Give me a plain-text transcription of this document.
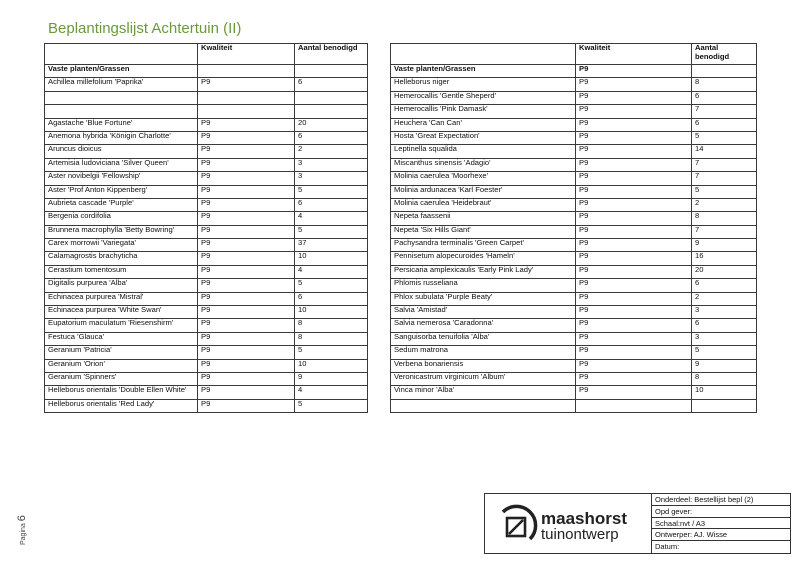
Beplantingslijst Achtertuin (II)
	Kwaliteit	Aantal benodigd
Vaste planten/Grassen		
Achillea millefolium 'Paprika'	P9	6

Agastache 'Blue Fortune'	P9	20
Anemona hybrida 'Königin Charlotte'	P9	6
Aruncus dioicus	P9	2
Artemisia ludoviciana 'Silver Queen'	P9	3
Aster novibelgii 'Fellowship'	P9	3
Aster 'Prof Anton Kippenberg'	P9	5
Aubrieta cascade 'Purple'	P9	6
Bergenia cordifolia	P9	4
Brunnera macrophylla 'Betty Bowring'	P9	5
Carex morrowii 'Variegata'	P9	37
Calamagrostis brachyticha	P9	10
Cerastium tomentosum	P9	4
Digitalis purpurea 'Alba'	P9	5
Echinacea purpurea 'Mistral'	P9	6
Echinacea purpurea 'White Swan'	P9	10
Eupatorium maculatum 'Riesenshirm'	P9	8
Festuca 'Glauca'	P9	8
Geranium 'Patricia'	P9	5
Geranium 'Orion'	P9	10
Geranium 'Spinners'	P9	9
Helleborus orientalis 'Double Ellen White'	P9	4
Helleborus orientalis 'Red Lady'	P9	5
	Kwaliteit	Aantal benodigd
Vaste planten/Grassen	P9	
Helleborus niger	P9	8
Hemerocallis 'Gentle Sheperd'	P9	6
Hemerocallis 'Pink Damask'	P9	7
Heuchera 'Can Can'	P9	6
Hosta 'Great Expectation'	P9	5
Leptinella squalida	P9	14
Miscanthus sinensis 'Adagio'	P9	7
Molinia caerulea 'Moorhexe'	P9	7
Molinia ardunacea 'Karl Foester'	P9	5
Molinia caerulea 'Heidebraut'	P9	2
Nepeta faassenii	P9	8
Nepeta 'Six Hills Giant'	P9	7
Pachysandra terminalis 'Green Carpet'	P9	9
Pennisetum alopecuroides 'Hameln'	P9	16
Persicaria amplexicaulis 'Early Pink Lady'	P9	20
Phlomis russeliana	P9	6
Phlox subulata 'Purple Beaty'	P9	2
Salvia 'Amistad'	P9	3
Salvia nemerosa 'Caradonna'	P9	6
Sanguisorba tenuifolia 'Alba'	P9	3
Sedum matrona	P9	5
Verbena bonariensis	P9	9
Veronicastrum virginicum 'Album'	P9	8
Vinca minor 'Alba'	P9	10

Pagina 6	maashorst
tuinontwerp
Onderdeel: Bestellijst bepl (2)
Opd gever:
Schaal:nvt / A3
Ontwerper: AJ. Wisse
Datum:
